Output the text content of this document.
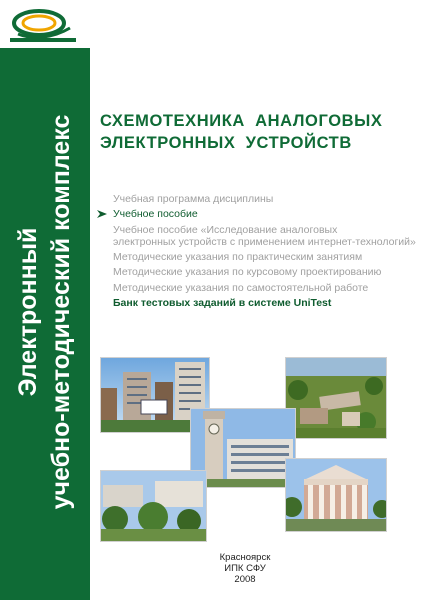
Электронный учебно-методический комплекс СХЕМОТЕХНИКА АНАЛОГОВЫХ
ЭЛЕКТРОННЫХ УСТРОЙСТВ
Учебная программа дисциплины
Учебное пособие
Учебное пособие «Исследование аналоговых
электронных устройств с применением интернет-технологий»
Методические указания по практическим занятиям
Методические указания по курсовому проектированию
Методические указания по самостоятельной работе
Банк тестовых заданий в системе UniTest
Красноярск
ИПК СФУ
2008
